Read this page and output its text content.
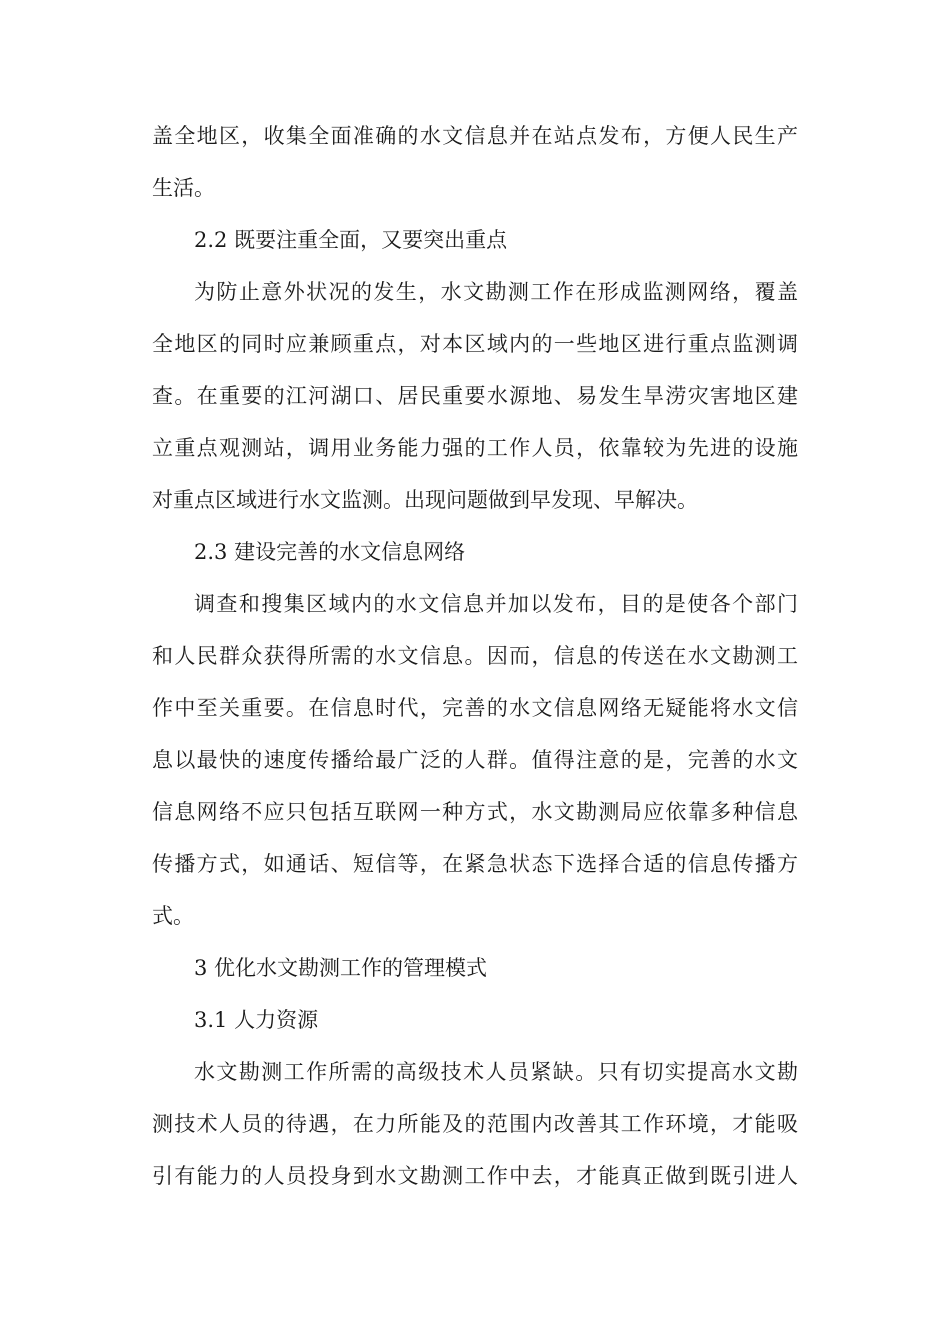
盖全地区，收集全面准确的水文信息并在站点发布，方便人民生产
生活。
2.2 既要注重全面，又要突出重点
为防止意外状况的发生，水文勘测工作在形成监测网络，覆盖
全地区的同时应兼顾重点，对本区域内的一些地区进行重点监测调
查。在重要的江河湖口、居民重要水源地、易发生旱涝灾害地区建
立重点观测站，调用业务能力强的工作人员，依靠较为先进的设施
对重点区域进行水文监测。出现问题做到早发现、早解决。
2.3 建设完善的水文信息网络
调查和搜集区域内的水文信息并加以发布，目的是使各个部门
和人民群众获得所需的水文信息。因而，信息的传送在水文勘测工
作中至关重要。在信息时代，完善的水文信息网络无疑能将水文信
息以最快的速度传播给最广泛的人群。值得注意的是，完善的水文
信息网络不应只包括互联网一种方式，水文勘测局应依靠多种信息
传播方式，如通话、短信等，在紧急状态下选择合适的信息传播方
式。
3 优化水文勘测工作的管理模式
3.1 人力资源
水文勘测工作所需的高级技术人员紧缺。只有切实提高水文勘
测技术人员的待遇，在力所能及的范围内改善其工作环境，才能吸
引有能力的人员投身到水文勘测工作中去，才能真正做到既引进人
